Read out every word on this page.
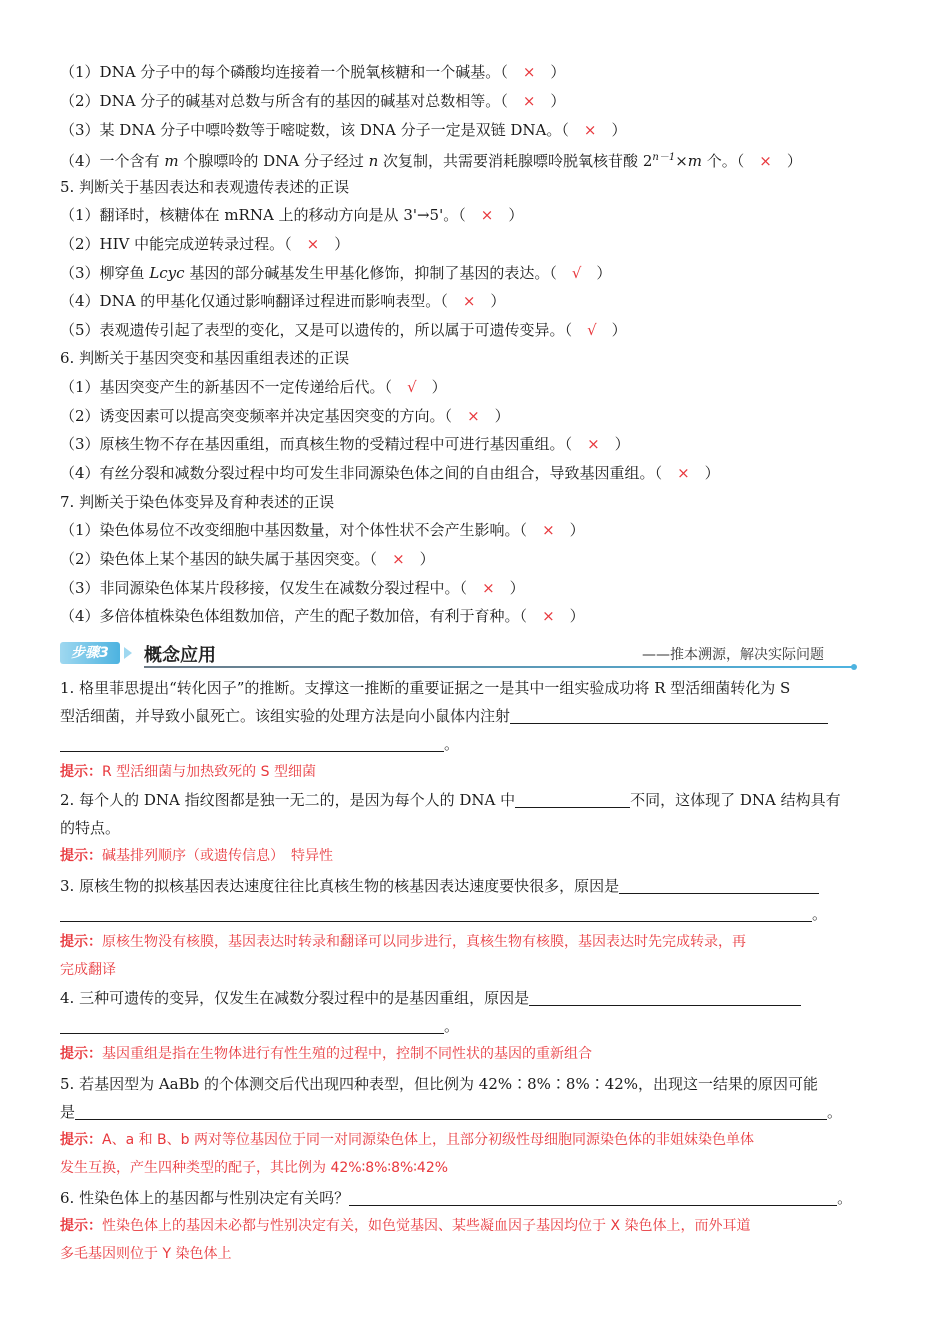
（1）DNA 分子中的每个磷酸均连接着一个脱氧核糖和一个碱基。（　×　）
（2）DNA 分子的碱基对总数与所含有的基因的碱基对总数相等。（　×　）
（3）某 DNA 分子中嘌呤数等于嘧啶数，该 DNA 分子一定是双链 DNA。（　×　）
（4）一个含有 m 个腺嘌呤的 DNA 分子经过 n 次复制，共需要消耗腺嘌呤脱氧核苷酸 $2^{n-1}\times m$ 个。（　×　）
5. 判断关于基因表达和表观遗传表述的正误
（1）翻译时，核糖体在 mRNA 上的移动方向是从 3'→5'。（　×　）
（2）HIV 中能完成逆转录过程。（　×　）
（3）柳穿鱼 Lcyc 基因的部分碱基发生甲基化修饰，抑制了基因的表达。（　√　）
（4）DNA 的甲基化仅通过影响翻译过程进而影响表型。（　×　）
（5）表观遗传引起了表型的变化，又是可以遗传的，所以属于可遗传变异。（　√　）
6. 判断关于基因突变和基因重组表述的正误
（1）基因突变产生的新基因不一定传递给后代。（　√　）
（2）诱变因素可以提高突变频率并决定基因突变的方向。（　×　）
（3）原核生物不存在基因重组，而真核生物的受精过程中可进行基因重组。（　×　）
（4）有丝分裂和减数分裂过程中均可发生非同源染色体之间的自由组合，导致基因重组。（　×　）
7. 判断关于染色体变异及育种表述的正误
（1）染色体易位不改变细胞中基因数量，对个体性状不会产生影响。（　×　）
（2）染色体上某个基因的缺失属于基因突变。（　×　）
（3）非同源染色体某片段移接，仅发生在减数分裂过程中。（　×　）
（4）多倍体植株染色体组数加倍，产生的配子数加倍，有利于育种。（　×　）
步骤3	概念应用	——推本溯源，解决实际问题
1. 格里菲思提出“转化因子”的推断。支撑这一推断的重要证据之一是其中一组实验成功将 R 型活细菌转化为 S
型活细菌，并导致小鼠死亡。该组实验的处理方法是向小鼠体内注射
。
提示：R 型活细菌与加热致死的 S 型细菌
2. 每个人的 DNA 指纹图都是独一无二的，是因为每个人的 DNA 中	不同，这体现了 DNA 结构具有
的特点。
提示：碱基排列顺序（或遗传信息）　特异性
3. 原核生物的拟核基因表达速度往往比真核生物的核基因表达速度要快很多，原因是
。
提示：原核生物没有核膜，基因表达时转录和翻译可以同步进行，真核生物有核膜，基因表达时先完成转录，再
完成翻译
4. 三种可遗传的变异，仅发生在减数分裂过程中的是基因重组，原因是
。
提示：基因重组是指在生物体进行有性生殖的过程中，控制不同性状的基因的重新组合
5. 若基因型为 AaBb 的个体测交后代出现四种表型，但比例为 42%∶8%∶8%∶42%，出现这一结果的原因可能
是	。
提示：A、a 和 B、b 两对等位基因位于同一对同源染色体上，且部分初级性母细胞同源染色体的非姐妹染色单体
发生互换，产生四种类型的配子，其比例为 42%∶8%∶8%∶42%
6. 性染色体上的基因都与性别决定有关吗？	。
提示：性染色体上的基因未必都与性别决定有关，如色觉基因、某些凝血因子基因均位于 X 染色体上，而外耳道
多毛基因则位于 Y 染色体上
